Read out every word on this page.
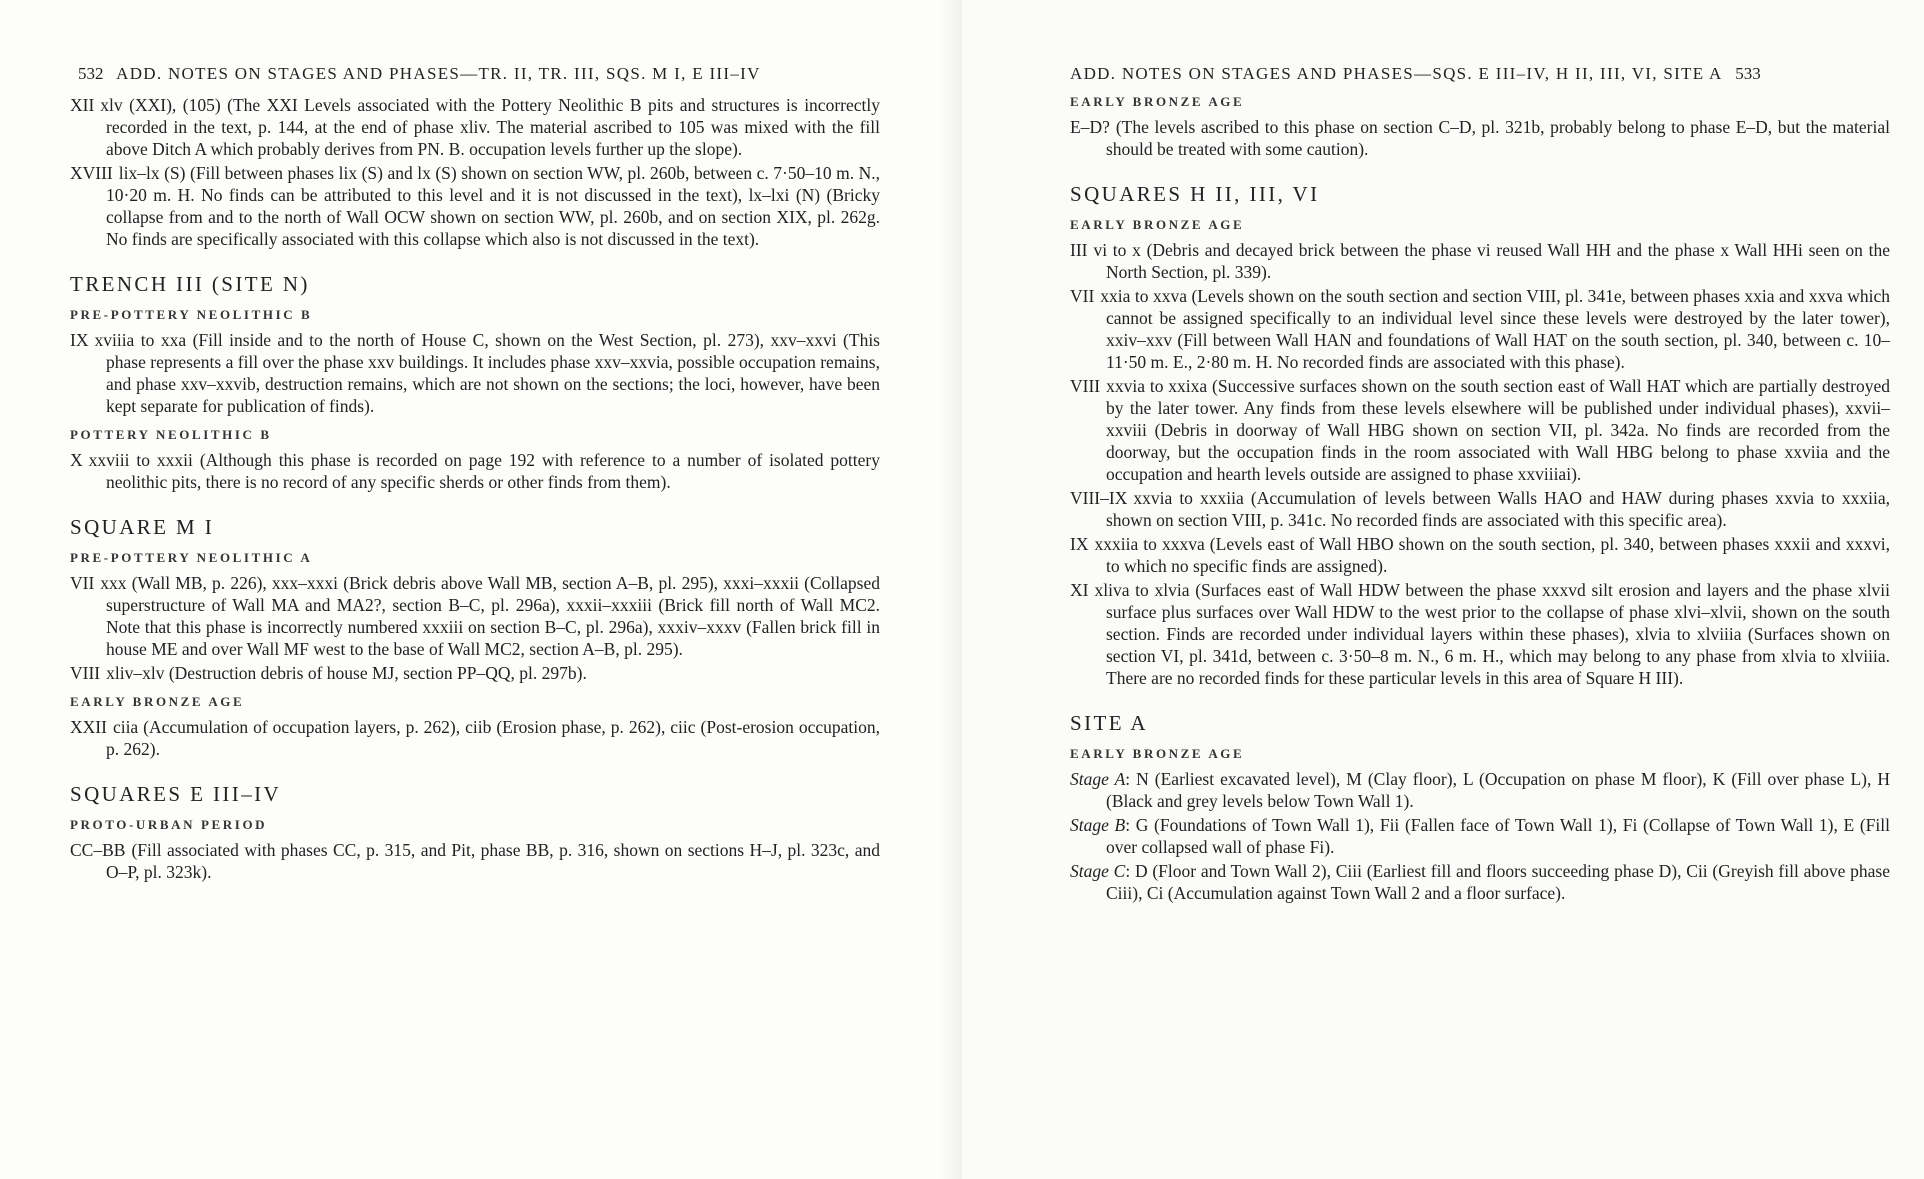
532 ADD. NOTES ON STAGES AND PHASES—TR. II, TR. III, SQS. M I, E III–IV

XII xlv (XXI), (105) (The XXI Levels associated with the Pottery Neolithic B pits and structures is incorrectly recorded in the text, p. 144, at the end of phase xliv. The material ascribed to 105 was mixed with the fill above Ditch A which probably derives from PN. B. occupation levels further up the slope).

XVIII lix–lx (S) (Fill between phases lix (S) and lx (S) shown on section WW, pl. 260b, between c. 7·50–10 m. N., 10·20 m. H. No finds can be attributed to this level and it is not discussed in the text), lx–lxi (N) (Bricky collapse from and to the north of Wall OCW shown on section WW, pl. 260b, and on section XIX, pl. 262g. No finds are specifically associated with this collapse which also is not discussed in the text).

TRENCH III (SITE N)
PRE-POTTERY NEOLITHIC B

IX xviiia to xxa (Fill inside and to the north of House C, shown on the West Section, pl. 273), xxv–xxvi (This phase represents a fill over the phase xxv buildings. It includes phase xxv–xxvia, possible occupation remains, and phase xxv–xxvib, destruction remains, which are not shown on the sections; the loci, however, have been kept separate for publication of finds).

POTTERY NEOLITHIC B

X xxviii to xxxii (Although this phase is recorded on page 192 with reference to a number of isolated pottery neolithic pits, there is no record of any specific sherds or other finds from them).

SQUARE M I
PRE-POTTERY NEOLITHIC A

VII xxx (Wall MB, p. 226), xxx–xxxi (Brick debris above Wall MB, section A–B, pl. 295), xxxi–xxxii (Collapsed superstructure of Wall MA and MA2?, section B–C, pl. 296a), xxxii–xxxiii (Brick fill north of Wall MC2. Note that this phase is incorrectly numbered xxxiii on section B–C, pl. 296a), xxxiv–xxxv (Fallen brick fill in house ME and over Wall MF west to the base of Wall MC2, section A–B, pl. 295).

VIII xliv–xlv (Destruction debris of house MJ, section PP–QQ, pl. 297b).

EARLY BRONZE AGE

XXII ciia (Accumulation of occupation layers, p. 262), ciib (Erosion phase, p. 262), ciic (Post-erosion occupation, p. 262).

SQUARES E III–IV
PROTO-URBAN PERIOD

CC–BB (Fill associated with phases CC, p. 315, and Pit, phase BB, p. 316, shown on sections H–J, pl. 323c, and O–P, pl. 323k).

ADD. NOTES ON STAGES AND PHASES—SQS. E III–IV, H II, III, VI, SITE A 533
EARLY BRONZE AGE

E–D? (The levels ascribed to this phase on section C–D, pl. 321b, probably belong to phase E–D, but the material should be treated with some caution).

SQUARES H II, III, VI
EARLY BRONZE AGE

III vi to x (Debris and decayed brick between the phase vi reused Wall HH and the phase x Wall HHi seen on the North Section, pl. 339).

VII xxia to xxva (Levels shown on the south section and section VIII, pl. 341e, between phases xxia and xxva which cannot be assigned specifically to an individual level since these levels were destroyed by the later tower), xxiv–xxv (Fill between Wall HAN and foundations of Wall HAT on the south section, pl. 340, between c. 10–11·50 m. E., 2·80 m. H. No recorded finds are associated with this phase).

VIII xxvia to xxixa (Successive surfaces shown on the south section east of Wall HAT which are partially destroyed by the later tower. Any finds from these levels elsewhere will be published under individual phases), xxvii–xxviii (Debris in doorway of Wall HBG shown on section VII, pl. 342a. No finds are recorded from the doorway, but the occupation finds in the room associated with Wall HBG belong to phase xxviia and the occupation and hearth levels outside are assigned to phase xxviiiai).

VIII–IX xxvia to xxxiia (Accumulation of levels between Walls HAO and HAW during phases xxvia to xxxiia, shown on section VIII, p. 341c. No recorded finds are associated with this specific area).

IX xxxiia to xxxva (Levels east of Wall HBO shown on the south section, pl. 340, between phases xxxii and xxxvi, to which no specific finds are assigned).

XI xliva to xlvia (Surfaces east of Wall HDW between the phase xxxvd silt erosion and layers and the phase xlvii surface plus surfaces over Wall HDW to the west prior to the collapse of phase xlvi–xlvii, shown on the south section. Finds are recorded under individual layers within these phases), xlvia to xlviiia (Surfaces shown on section VI, pl. 341d, between c. 3·50–8 m. N., 6 m. H., which may belong to any phase from xlvia to xlviiia. There are no recorded finds for these particular levels in this area of Square H III).

SITE A
EARLY BRONZE AGE

Stage A: N (Earliest excavated level), M (Clay floor), L (Occupation on phase M floor), K (Fill over phase L), H (Black and grey levels below Town Wall 1).

Stage B: G (Foundations of Town Wall 1), Fii (Fallen face of Town Wall 1), Fi (Collapse of Town Wall 1), E (Fill over collapsed wall of phase Fi).

Stage C: D (Floor and Town Wall 2), Ciii (Earliest fill and floors succeeding phase D), Cii (Greyish fill above phase Ciii), Ci (Accumulation against Town Wall 2 and a floor surface).
